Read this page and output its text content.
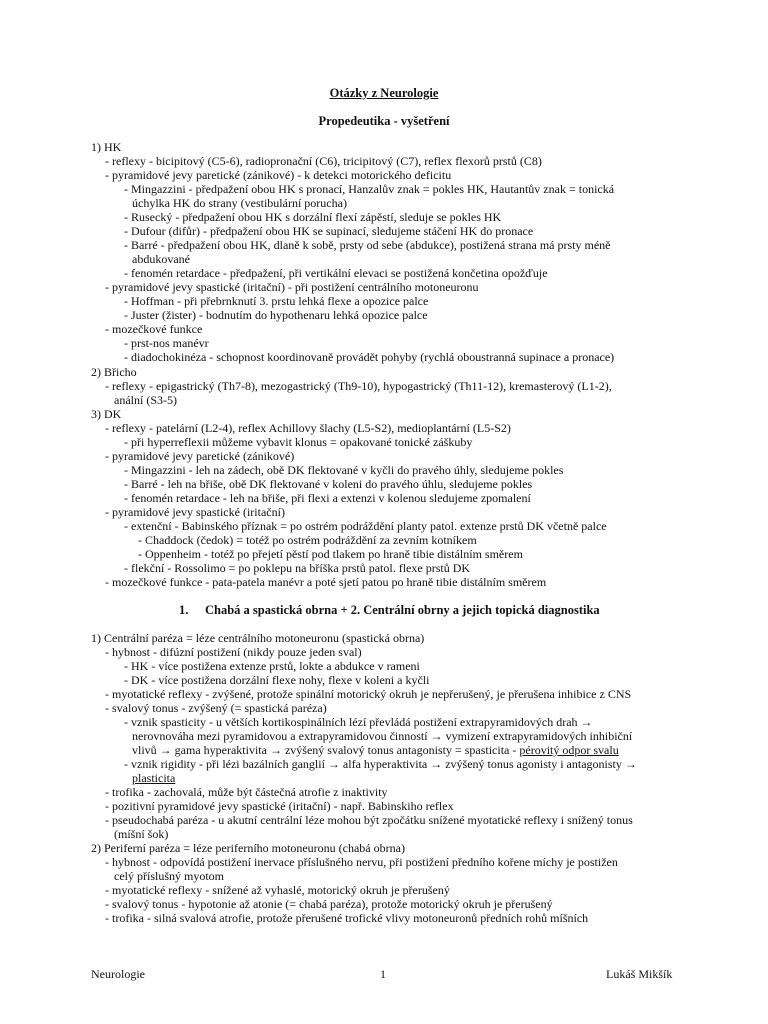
Otázky z Neurologie
Propedeutika - vyšetření
1) HK
- reflexy - bicipitový (C5-6), radiopronační (C6), tricipitový (C7), reflex flexorů prstů (C8)
- pyramidové jevy paretické (zánikové) - k detekci motorického deficitu
- Mingazzini - předpažení obou HK s pronací, Hanzalův znak = pokles HK, Hautantův znak = tonická
úchylka HK do strany (vestibulární porucha)
- Rusecký - předpažení obou HK s dorzální flexí zápěstí, sleduje se pokles HK
- Dufour (difůr) - předpažení obou HK se supinací, sledujeme stáčení HK do pronace
- Barré - předpažení obou HK, dlaně k sobě, prsty od sebe (abdukce), postižená strana má prsty méně
abdukované
- fenomén retardace - předpažení, při vertikální elevaci se postižená končetina opožďuje
- pyramidové jevy spastické (iritační) - při postižení centrálního motoneuronu
- Hoffman - při přebrnknutí 3. prstu lehká flexe a opozice palce
- Juster (žister) - bodnutím do hypothenaru lehká opozice palce
- mozečkové funkce
- prst-nos manévr
- diadochokinéza - schopnost koordinovaně provádět pohyby (rychlá oboustranná supinace a pronace)
2) Břicho
- reflexy - epigastrický (Th7-8), mezogastrický (Th9-10), hypogastrický (Th11-12), kremasterový (L1-2),
anální (S3-5)
3) DK
- reflexy - patelární (L2-4), reflex Achillovy šlachy (L5-S2), medioplantární (L5-S2)
- při hyperreflexii můžeme vybavit klonus = opakované tonické záškuby
- pyramidové jevy paretické (zánikové)
- Mingazzini - leh na zádech, obě DK flektované v kyčli do pravého úhly, sledujeme pokles
- Barré - leh na břiše, obě DK flektované v koleni do pravého úhlu, sledujeme pokles
- fenomén retardace - leh na břiše, při flexi a extenzi v kolenou sledujeme zpomalení
- pyramidové jevy spastické (iritační)
- extenční - Babinského příznak = po ostrém podráždění planty patol. extenze prstů DK včetně palce
- Chaddock (čedok) = totéž po ostrém podráždění za zevním kotníkem
- Oppenheim - totéž po přejetí pěstí pod tlakem po hraně tibie distálním směrem
- flekční - Rossolimo = po poklepu na bříška prstů patol. flexe prstů DK
- mozečkové funkce - pata-patela manévr a poté sjetí patou po hraně tibie distálním směrem
1. Chabá a spastická obrna + 2. Centrální obrny a jejich topická diagnostika
1) Centrální paréza = léze centrálního motoneuronu (spastická obrna)
- hybnost - difúzní postižení (nikdy pouze jeden sval)
- HK - více postižena extenze prstů, lokte a abdukce v rameni
- DK - více postižena dorzální flexe nohy, flexe v koleni a kyčli
- myotatické reflexy - zvýšené, protože spinální motorický okruh je nepřerušený, je přerušena inhibice z CNS
- svalový tonus - zvýšený (= spastická paréza)
- vznik spasticity - u větších kortikospinálních lézí převládá postižení extrapyramidových drah →
nerovnováha mezi pyramidovou a extrapyramidovou činností → vymizení extrapyramidových inhibiční
vlivů → gama hyperaktivita → zvýšený svalový tonus antagonisty = spasticita - pérovitý odpor svalu
- vznik rigidity - při lézi bazálních ganglií → alfa hyperaktivita → zvýšený tonus agonisty i antagonisty →
plasticita
- trofika - zachovalá, může být částečná atrofie z inaktivity
- pozitivní pyramidové jevy spastické (iritační) - např. Babinskiho reflex
- pseudochabá paréza - u akutní centrální léze mohou být zpočátku snížené myotatické reflexy i snížený tonus
(míšní šok)
2) Periferní paréza = léze periferního motoneuronu (chabá obrna)
- hybnost - odpovídá postižení inervace příslušného nervu, při postižení předního kořene míchy je postižen
celý příslušný myotom
- myotatické reflexy - snížené až vyhaslé, motorický okruh je přerušený
- svalový tonus - hypotonie až atonie (= chabá paréza), protože motorický okruh je přerušený
- trofika - silná svalová atrofie, protože přerušené trofické vlivy motoneuronů předních rohů míšních
Neurologie	1	Lukáš Mikšík
